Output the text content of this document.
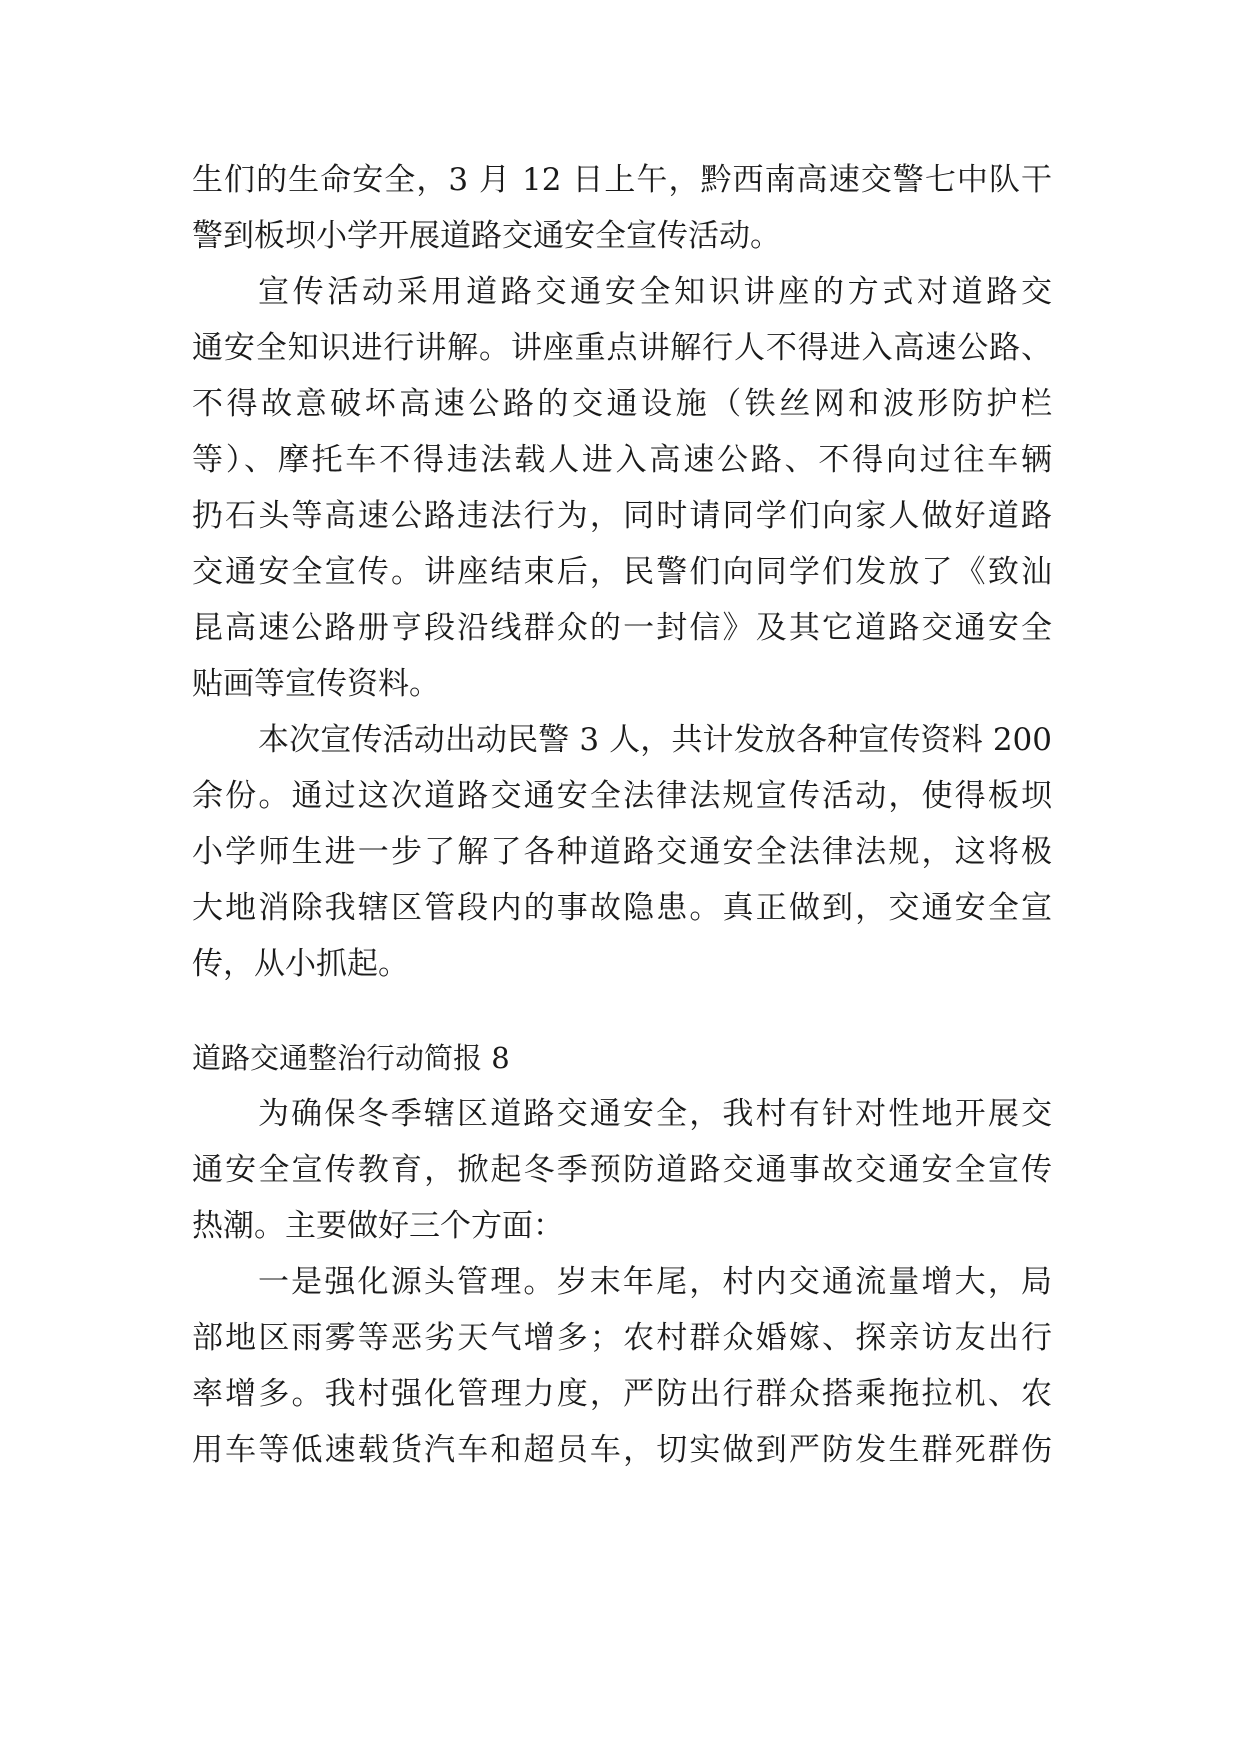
生们的生命安全，3 月 12 日上午，黔西南高速交警七中队干
警到板坝小学开展道路交通安全宣传活动。
宣传活动采用道路交通安全知识讲座的方式对道路交
通安全知识进行讲解。讲座重点讲解行人不得进入高速公路、
不得故意破坏高速公路的交通设施（铁丝网和波形防护栏
等）、摩托车不得违法载人进入高速公路、不得向过往车辆
扔石头等高速公路违法行为，同时请同学们向家人做好道路
交通安全宣传。讲座结束后，民警们向同学们发放了《致汕
昆高速公路册亨段沿线群众的一封信》及其它道路交通安全
贴画等宣传资料。
本次宣传活动出动民警 3 人，共计发放各种宣传资料 200
余份。通过这次道路交通安全法律法规宣传活动，使得板坝
小学师生进一步了解了各种道路交通安全法律法规，这将极
大地消除我辖区管段内的事故隐患。真正做到，交通安全宣
传，从小抓起。
道路交通整治行动简报 8
为确保冬季辖区道路交通安全，我村有针对性地开展交
通安全宣传教育，掀起冬季预防道路交通事故交通安全宣传
热潮。主要做好三个方面：
一是强化源头管理。岁末年尾，村内交通流量增大，局
部地区雨雾等恶劣天气增多；农村群众婚嫁、探亲访友出行
率增多。我村强化管理力度，严防出行群众搭乘拖拉机、农
用车等低速载货汽车和超员车，切实做到严防发生群死群伤
